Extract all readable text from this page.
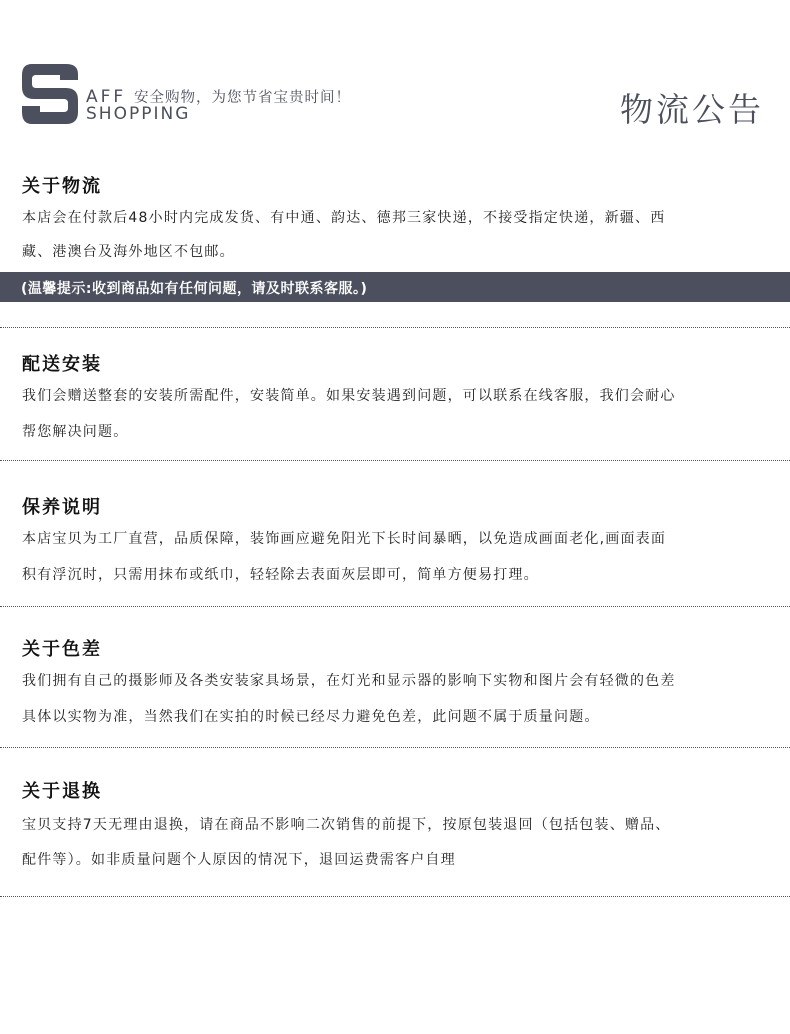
AFF
SHOPPING
安全购物，为您节省宝贵时间！	物流公告
关于物流
本店会在付款后48小时内完成发货、有中通、韵达、德邦三家快递，不接受指定快递，新疆、西
藏、港澳台及海外地区不包邮。
(温馨提示:收到商品如有任何问题，请及时联系客服。)
配送安装
我们会赠送整套的安装所需配件，安装简单。如果安装遇到问题，可以联系在线客服，我们会耐心
帮您解决问题。
保养说明
本店宝贝为工厂直营，品质保障，装饰画应避免阳光下长时间暴晒，以免造成画面老化,画面表面
积有浮沉时，只需用抹布或纸巾，轻轻除去表面灰层即可，简单方便易打理。
关于色差
我们拥有自己的摄影师及各类安装家具场景，在灯光和显示器的影响下实物和图片会有轻微的色差
具体以实物为准，当然我们在实拍的时候已经尽力避免色差，此问题不属于质量问题。
关于退换
宝贝支持7天无理由退换，请在商品不影响二次销售的前提下，按原包装退回（包括包装、赠品、
配件等）。如非质量问题个人原因的情况下，退回运费需客户自理
